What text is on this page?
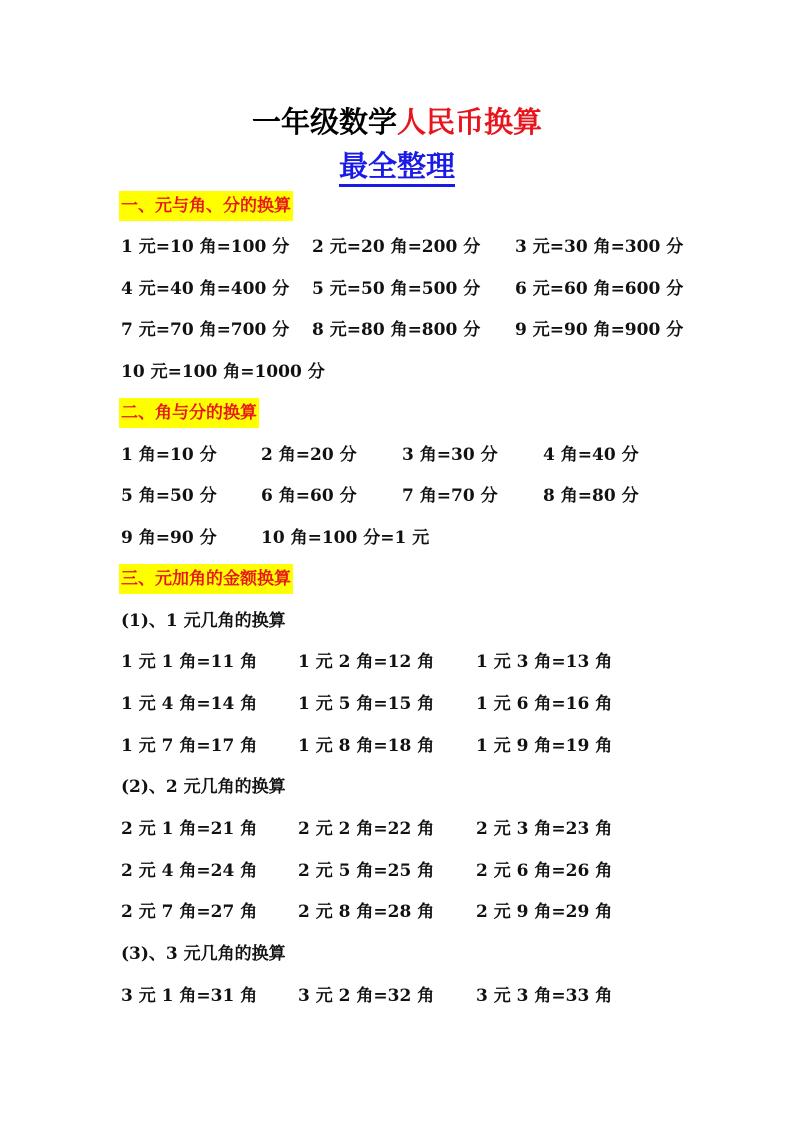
一年级数学人民币换算
最全整理
一、元与角、分的换算
1 元=10 角=100 分 2 元=20 角=200 分 3 元=30 角=300 分
4 元=40 角=400 分 5 元=50 角=500 分 6 元=60 角=600 分
7 元=70 角=700 分 8 元=80 角=800 分 9 元=90 角=900 分
10 元=100 角=1000 分
二、角与分的换算
1 角=10 分	2 角=20 分	3 角=30 分	4 角=40 分
5 角=50 分	6 角=60 分	7 角=70 分	8 角=80 分
9 角=90 分	10 角=100 分=1 元
三、元加角的金额换算
(1)、1 元几角的换算
1 元 1 角=11 角 1 元 2 角=12 角 1 元 3 角=13 角
1 元 4 角=14 角 1 元 5 角=15 角 1 元 6 角=16 角
1 元 7 角=17 角 1 元 8 角=18 角 1 元 9 角=19 角
(2)、2 元几角的换算
2 元 1 角=21 角 2 元 2 角=22 角 2 元 3 角=23 角
2 元 4 角=24 角 2 元 5 角=25 角 2 元 6 角=26 角
2 元 7 角=27 角 2 元 8 角=28 角 2 元 9 角=29 角
(3)、3 元几角的换算
3 元 1 角=31 角 3 元 2 角=32 角 3 元 3 角=33 角
